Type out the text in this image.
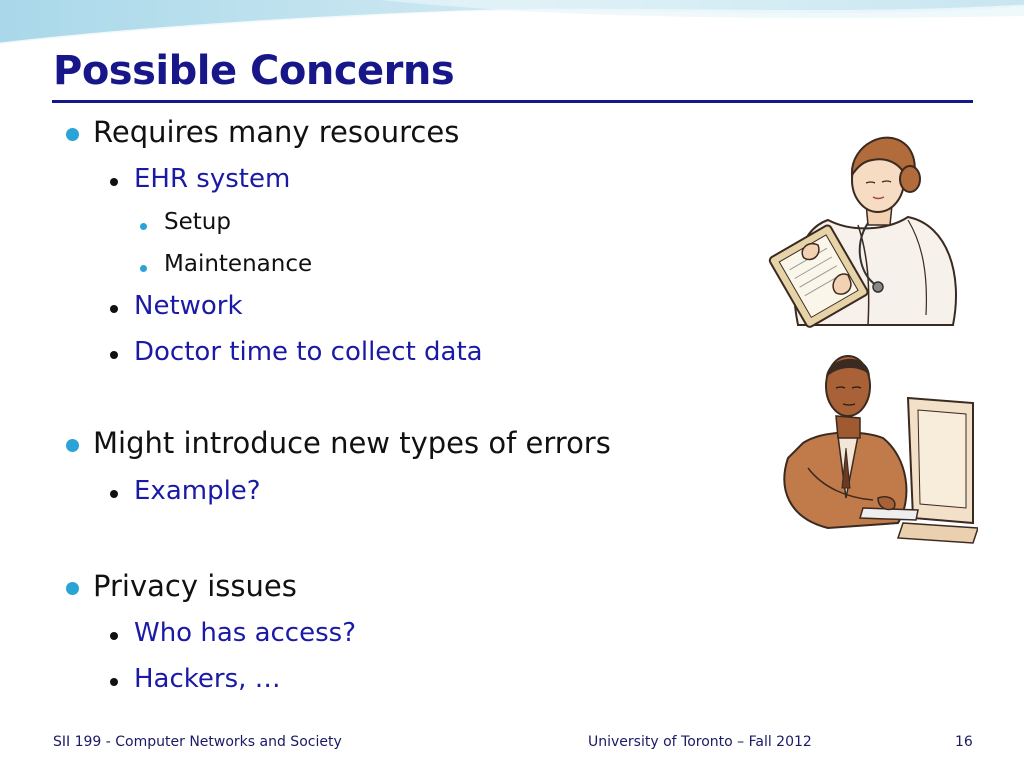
Possible Concerns
Requires many resources
EHR system
Setup
Maintenance
Network
Doctor time to collect data
Might introduce new types of errors
Example?
Privacy issues
Who has access?
Hackers, …
SII 199 - Computer Networks and Society	University of Toronto – Fall 2012	16
